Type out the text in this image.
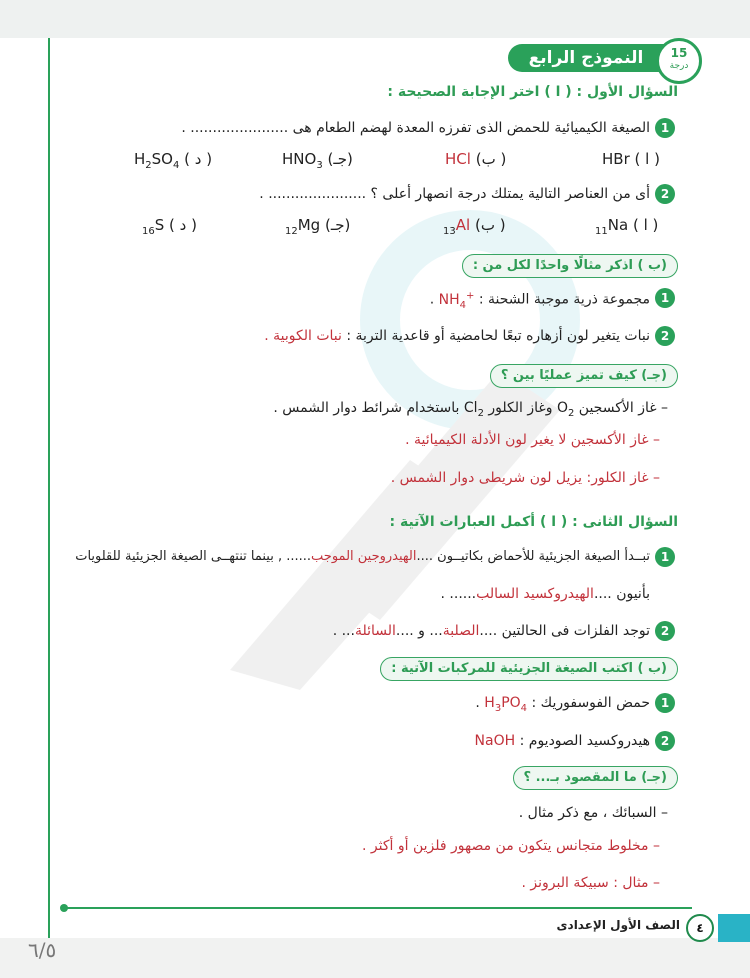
النموذج الرابع	15
درجة
السؤال الأول : ( ا ) اختر الإجابة الصحيحة :
1
الصيغة الكيميائية للحمض الذى تفرزه المعدة لهضم الطعام هى ...................... .
HBr ( ا )
HCl (ب )
$HNO_3$ (جـ)
$H_2SO_4$ ( د )
2
أى من العناصر التالية يمتلك درجة انصهار أعلى ؟ ...................... .
$_{11}$Na ( ا )
$_{13}$Al (ب )
$_{12}$Mg (جـ)
$_{16}$S ( د )
(ب ) اذكر مثالًا واحدًا لكل من :
1
مجموعة ذرية موجبة الشحنة : $NH_4^+$ .
2
نبات يتغير لون أزهاره تبعًا لحامضية أو قاعدية التربة : نبات الكوبية .
(جـ) كيف تميز عمليًا بين ؟
– غاز الأكسجين $O_2$ وغاز الكلور $Cl_2$ باستخدام شرائط دوار الشمس .
– غاز الأكسجين لا يغير لون الأدلة الكيميائية .
– غاز الكلور: يزيل لون شريطى دوار الشمس .
السؤال الثانى : ( ا ) أكمل العبارات الآتية :
1
تبــدأ الصيغة الجزيئية للأحماض بكاتيــون ....الهيدروجين الموجب...... , بينما تنتهــى الصيغة الجزيئية للقلويات
بأنيون ....الهيدروكسيد السالب...... .
2
توجد الفلزات فى الحالتين ....الصلبة... و ....السائلة... .
(ب ) اكتب الصيغة الجزيئية للمركبات الآتية :
1
حمض الفوسفوريك : $H_3PO_4$ .
2
هيدروكسيد الصوديوم : NaOH
(جـ) ما المقصود بـ... ؟
– السبائك ، مع ذكر مثال .
– مخلوط متجانس يتكون من مصهور فلزين أو أكثر .
– مثال : سبيكة البرونز .
٤
الصف الأول الإعدادى
٦/٥
